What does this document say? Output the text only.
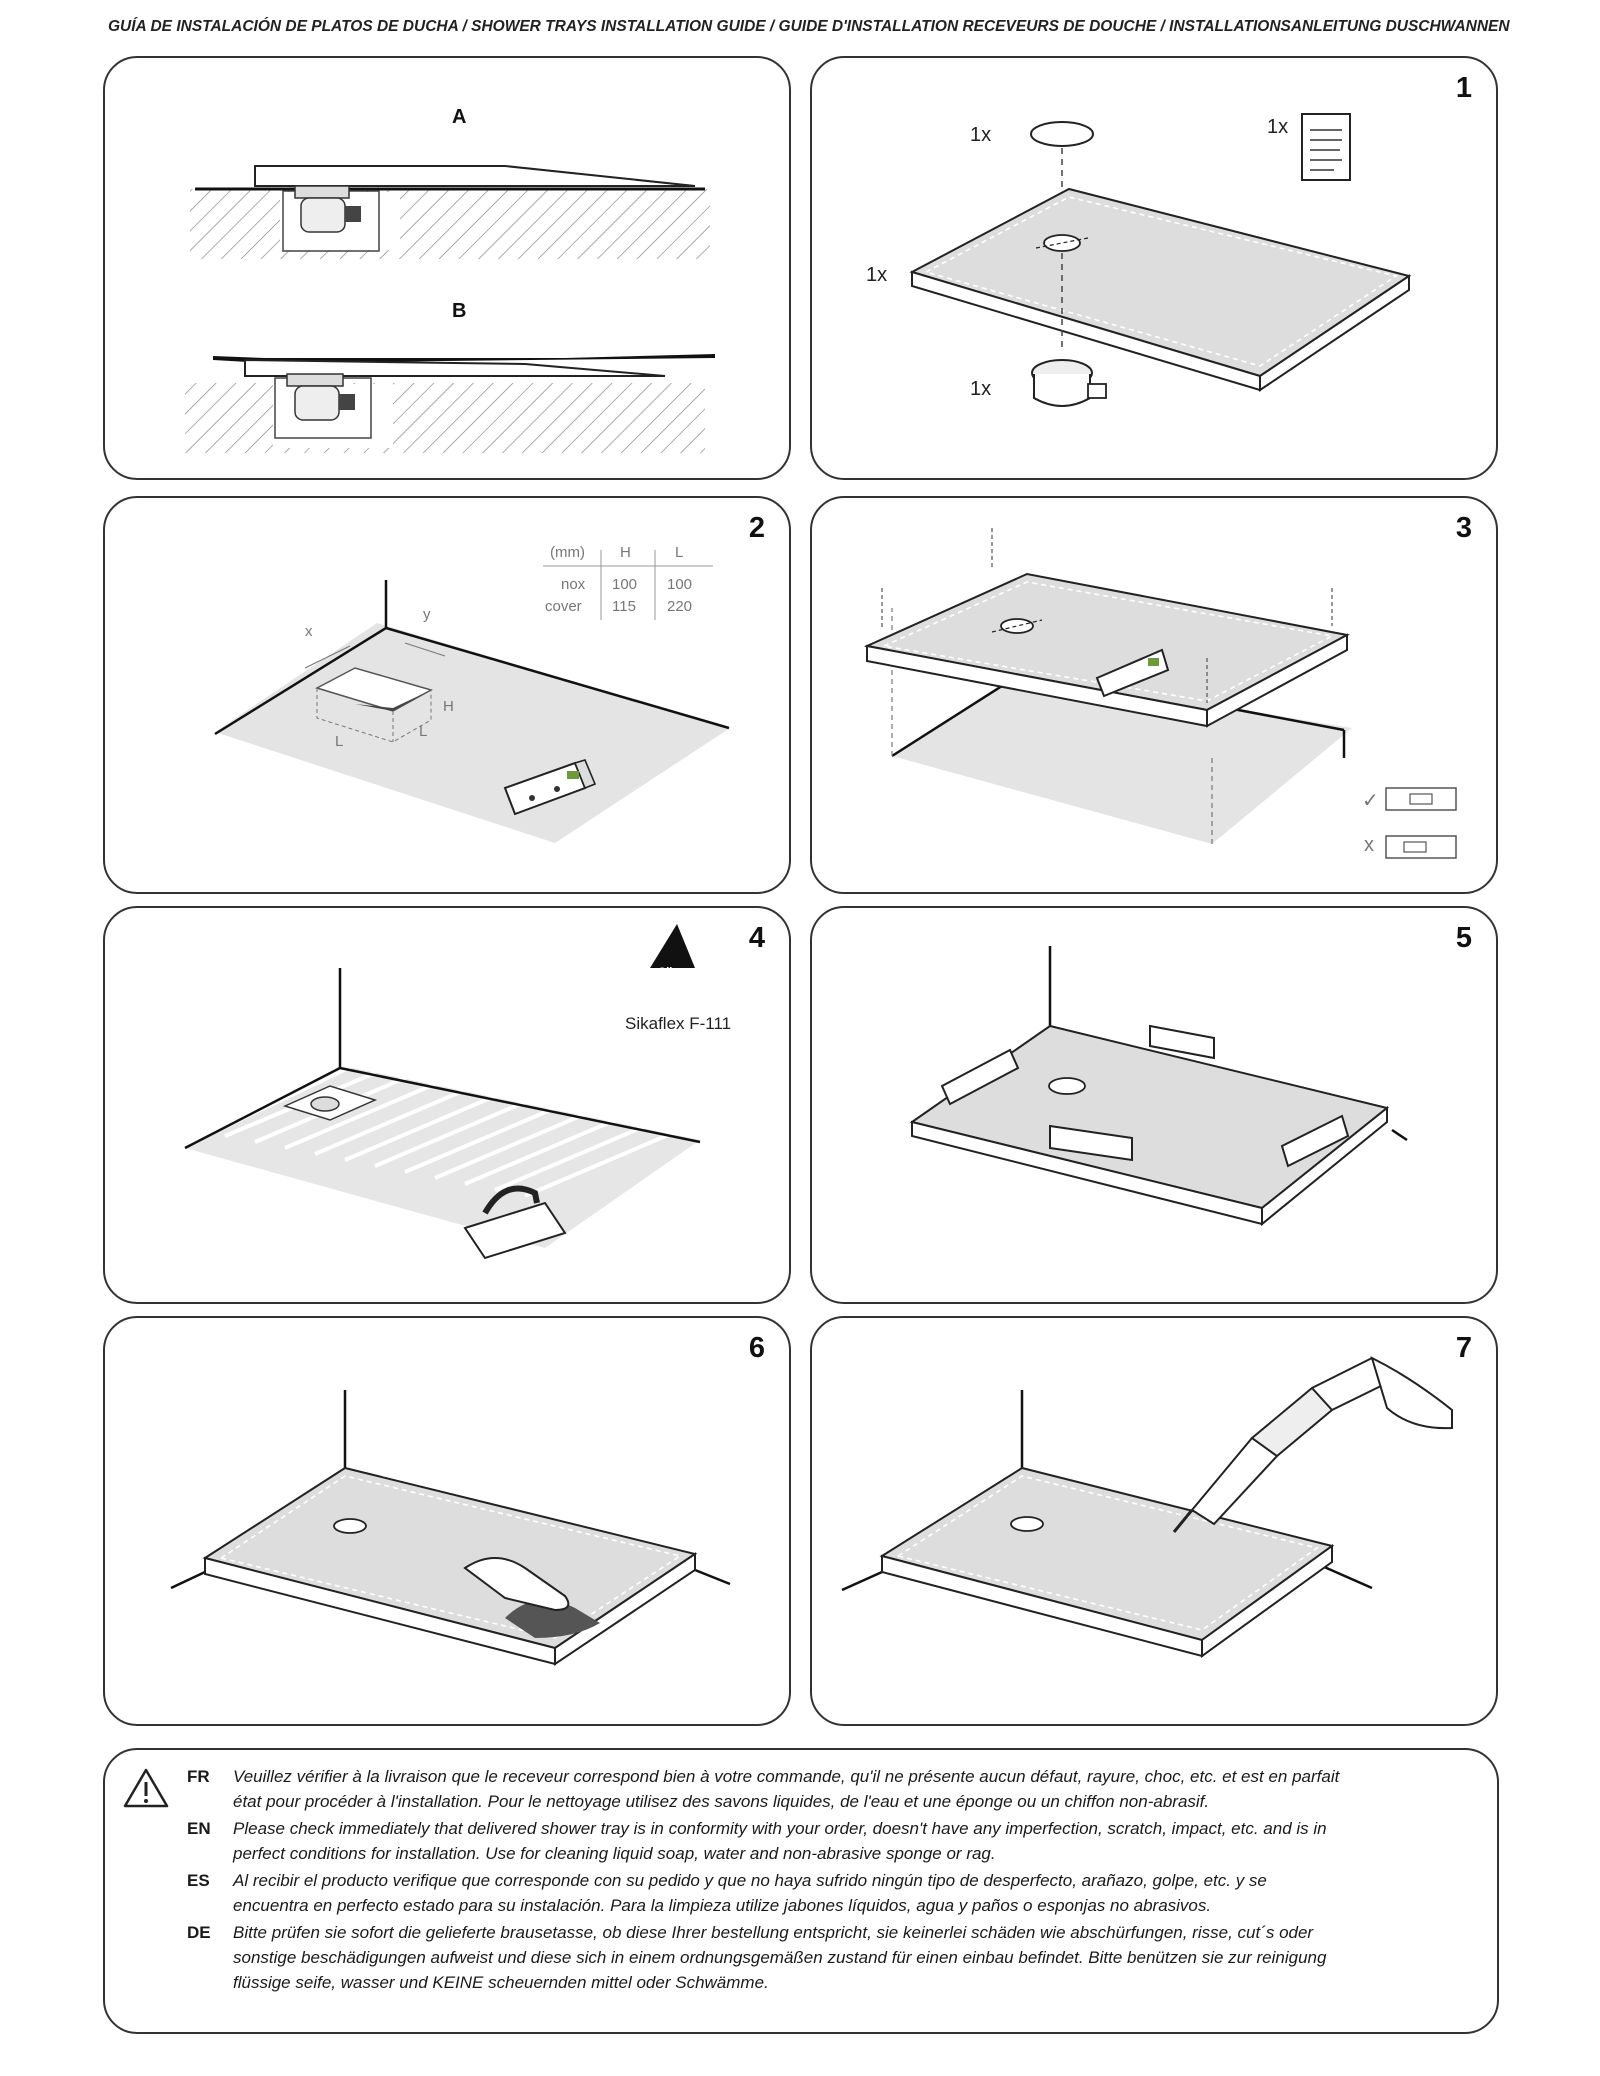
GUÍA DE INSTALACIÓN DE PLATOS DE DUCHA / SHOWER TRAYS INSTALLATION GUIDE / GUIDE D'INSTALLATION RECEVEURS DE DOUCHE / INSTALLATIONSANLEITUNG DUSCHWANNEN
A
B
1
1x	1x
1x
1x
2
(mm) H	L
nox 100 100
cover 115 220
x
y
H
L
L
3
✓
x
4
Sika
Sikaflex F-111
5
6	7
FR Veuillez vérifier à la livraison que le receveur correspond bien à votre commande, qu'il ne présente aucun défaut, rayure, choc, etc. et est en parfait
état pour procéder à l'installation. Pour le nettoyage utilisez des savons liquides, de l'eau et une éponge ou un chiffon non-abrasif.
EN Please check immediately that delivered shower tray is in conformity with your order, doesn't have any imperfection, scratch, impact, etc. and is in
perfect conditions for installation. Use for cleaning liquid soap, water and non-abrasive sponge or rag.
ES Al recibir el producto verifique que corresponde con su pedido y que no haya sufrido ningún tipo de desperfecto, arañazo, golpe, etc. y se
encuentra en perfecto estado para su instalación. Para la limpieza utilize jabones líquidos, agua y paños o esponjas no abrasivos.
DE Bitte prüfen sie sofort die gelieferte brausetasse, ob diese Ihrer bestellung entspricht, sie keinerlei schäden wie abschürfungen, risse, cut´s oder
sonstige beschädigungen aufweist und diese sich in einem ordnungsgemäßen zustand für einen einbau befindet. Bitte benützen sie zur reinigung
flüssige seife, wasser und KEINE scheuernden mittel oder Schwämme.
